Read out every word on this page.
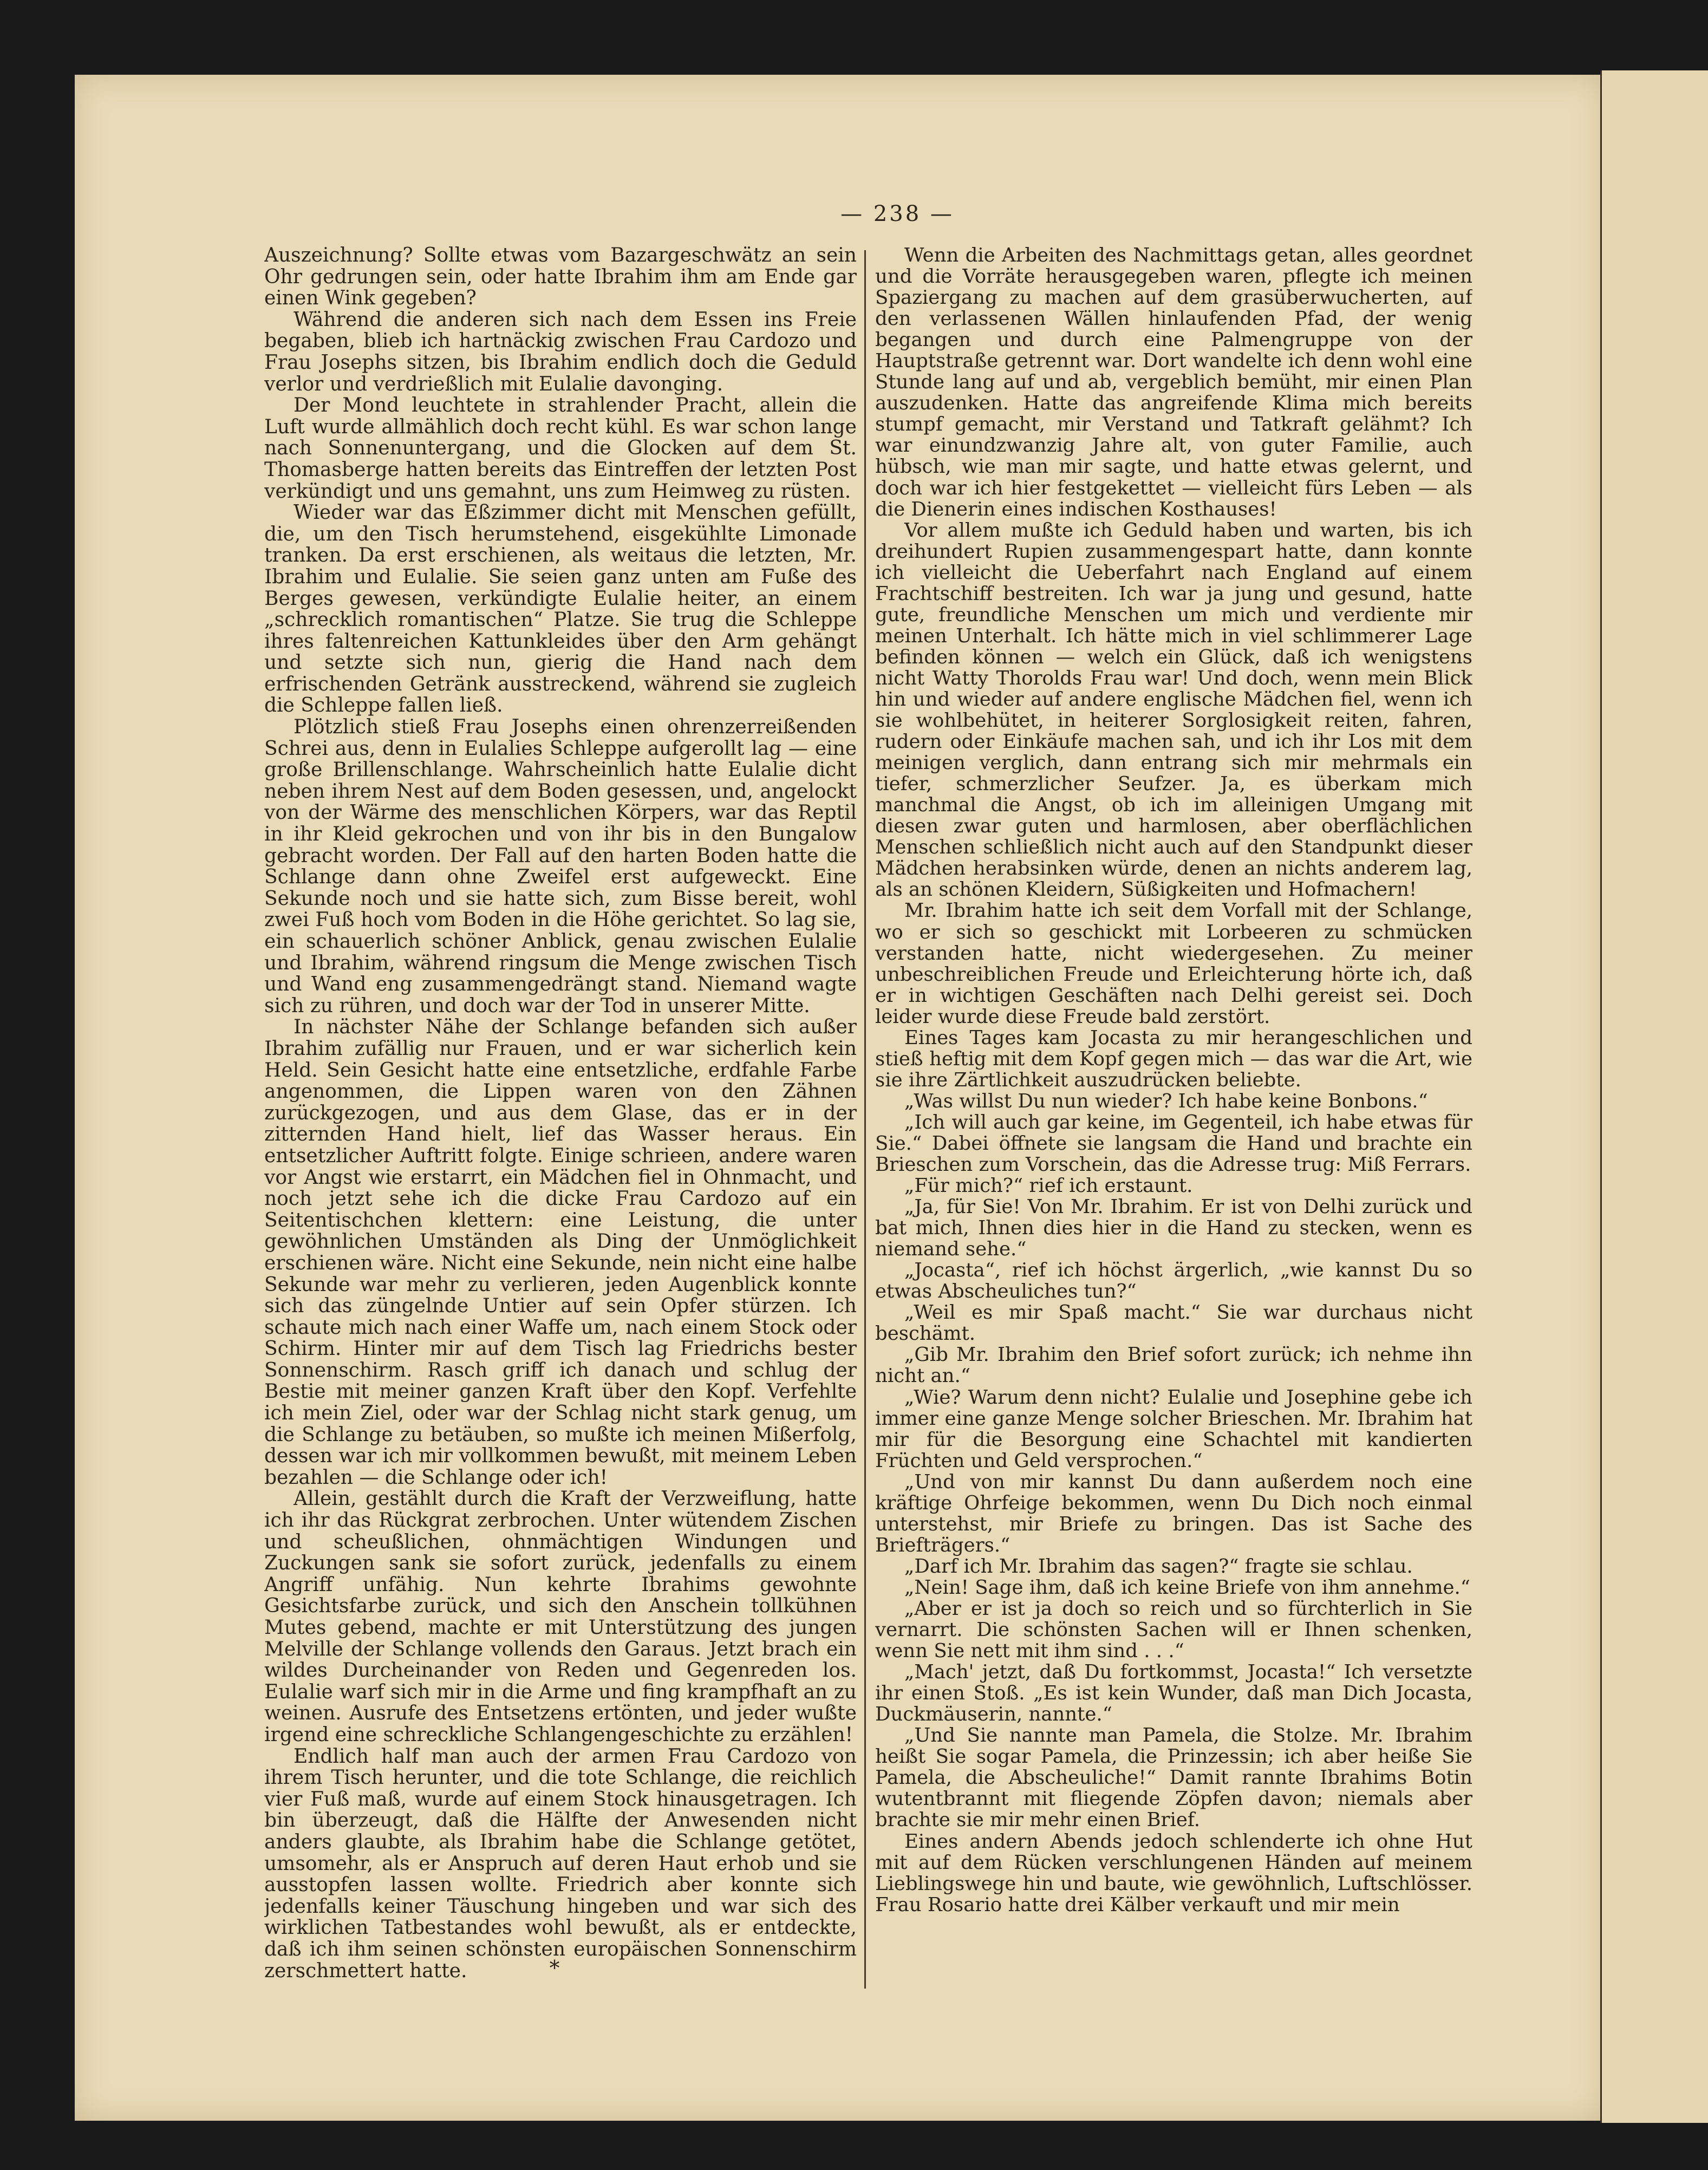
— 238 —

Auszeichnung? Sollte etwas vom Bazargeschwätz an sein Ohr gedrungen sein, oder hatte Ibrahim ihm am Ende gar einen Wink gegeben?

Während die anderen sich nach dem Essen ins Freie begaben, blieb ich hartnäckig zwischen Frau Cardozo und Frau Josephs sitzen, bis Ibrahim endlich doch die Geduld verlor und verdrießlich mit Eulalie davonging.

Der Mond leuchtete in strahlender Pracht, allein die Luft wurde allmählich doch recht kühl. Es war schon lange nach Sonnenuntergang, und die Glocken auf dem St. Thomasberge hatten bereits das Eintreffen der letzten Post verkündigt und uns gemahnt, uns zum Heimweg zu rüsten.

Wieder war das Eßzimmer dicht mit Menschen gefüllt, die, um den Tisch herumstehend, eisgekühlte Limonade tranken. Da erst erschienen, als weitaus die letzten, Mr. Ibrahim und Eulalie. Sie seien ganz unten am Fuße des Berges gewesen, verkündigte Eulalie heiter, an einem „schrecklich romantischen“ Platze. Sie trug die Schleppe ihres faltenreichen Kattunkleides über den Arm gehängt und setzte sich nun, gierig die Hand nach dem erfrischenden Getränk ausstreckend, während sie zugleich die Schleppe fallen ließ.

Plötzlich stieß Frau Josephs einen ohrenzerreißenden Schrei aus, denn in Eulalies Schleppe aufgerollt lag — eine große Brillenschlange. Wahrscheinlich hatte Eulalie dicht neben ihrem Nest auf dem Boden gesessen, und, angelockt von der Wärme des menschlichen Körpers, war das Reptil in ihr Kleid gekrochen und von ihr bis in den Bungalow gebracht worden. Der Fall auf den harten Boden hatte die Schlange dann ohne Zweifel erst aufgeweckt. Eine Sekunde noch und sie hatte sich, zum Bisse bereit, wohl zwei Fuß hoch vom Boden in die Höhe gerichtet. So lag sie, ein schauerlich schöner Anblick, genau zwischen Eulalie und Ibrahim, während ringsum die Menge zwischen Tisch und Wand eng zusammengedrängt stand. Niemand wagte sich zu rühren, und doch war der Tod in unserer Mitte.

In nächster Nähe der Schlange befanden sich außer Ibrahim zufällig nur Frauen, und er war sicherlich kein Held. Sein Gesicht hatte eine entsetzliche, erdfahle Farbe angenommen, die Lippen waren von den Zähnen zurückgezogen, und aus dem Glase, das er in der zitternden Hand hielt, lief das Wasser heraus. Ein entsetzlicher Auftritt folgte. Einige schrieen, andere waren vor Angst wie erstarrt, ein Mädchen fiel in Ohnmacht, und noch jetzt sehe ich die dicke Frau Cardozo auf ein Seitentischchen klettern: eine Leistung, die unter gewöhnlichen Umständen als Ding der Unmöglichkeit erschienen wäre. Nicht eine Sekunde, nein nicht eine halbe Sekunde war mehr zu verlieren, jeden Augenblick konnte sich das züngelnde Untier auf sein Opfer stürzen. Ich schaute mich nach einer Waffe um, nach einem Stock oder Schirm. Hinter mir auf dem Tisch lag Friedrichs bester Sonnenschirm. Rasch griff ich danach und schlug der Bestie mit meiner ganzen Kraft über den Kopf. Verfehlte ich mein Ziel, oder war der Schlag nicht stark genug, um die Schlange zu betäuben, so mußte ich meinen Mißerfolg, dessen war ich mir vollkommen bewußt, mit meinem Leben bezahlen — die Schlange oder ich!

Allein, gestählt durch die Kraft der Verzweiflung, hatte ich ihr das Rückgrat zerbrochen. Unter wütendem Zischen und scheußlichen, ohnmächtigen Windungen und Zuckungen sank sie sofort zurück, jedenfalls zu einem Angriff unfähig. Nun kehrte Ibrahims gewohnte Gesichtsfarbe zurück, und sich den Anschein tollkühnen Mutes gebend, machte er mit Unterstützung des jungen Melville der Schlange vollends den Garaus. Jetzt brach ein wildes Durcheinander von Reden und Gegenreden los. Eulalie warf sich mir in die Arme und fing krampfhaft an zu weinen. Ausrufe des Entsetzens ertönten, und jeder wußte irgend eine schreckliche Schlangengeschichte zu erzählen!

Endlich half man auch der armen Frau Cardozo von ihrem Tisch herunter, und die tote Schlange, die reichlich vier Fuß maß, wurde auf einem Stock hinausgetragen. Ich bin überzeugt, daß die Hälfte der Anwesenden nicht anders glaubte, als Ibrahim habe die Schlange getötet, umsomehr, als er Anspruch auf deren Haut erhob und sie ausstopfen lassen wollte. Friedrich aber konnte sich jedenfalls keiner Täuschung hingeben und war sich des wirklichen Tatbestandes wohl bewußt, als er entdeckte, daß ich ihm seinen schönsten europäischen Sonnenschirm zerschmettert hatte.	*

Wenn die Arbeiten des Nachmittags getan, alles geordnet und die Vorräte herausgegeben waren, pflegte ich meinen Spaziergang zu machen auf dem grasüberwucherten, auf den verlassenen Wällen hinlaufenden Pfad, der wenig begangen und durch eine Palmengruppe von der Hauptstraße getrennt war. Dort wandelte ich denn wohl eine Stunde lang auf und ab, vergeblich bemüht, mir einen Plan auszudenken. Hatte das angreifende Klima mich bereits stumpf gemacht, mir Verstand und Tatkraft gelähmt? Ich war einundzwanzig Jahre alt, von guter Familie, auch hübsch, wie man mir sagte, und hatte etwas gelernt, und doch war ich hier festgekettet — vielleicht fürs Leben — als die Dienerin eines indischen Kosthauses!

Vor allem mußte ich Geduld haben und warten, bis ich dreihundert Rupien zusammengespart hatte, dann konnte ich vielleicht die Ueberfahrt nach England auf einem Frachtschiff bestreiten. Ich war ja jung und gesund, hatte gute, freundliche Menschen um mich und verdiente mir meinen Unterhalt. Ich hätte mich in viel schlimmerer Lage befinden können — welch ein Glück, daß ich wenigstens nicht Watty Thorolds Frau war! Und doch, wenn mein Blick hin und wieder auf andere englische Mädchen fiel, wenn ich sie wohlbehütet, in heiterer Sorglosigkeit reiten, fahren, rudern oder Einkäufe machen sah, und ich ihr Los mit dem meinigen verglich, dann entrang sich mir mehrmals ein tiefer, schmerzlicher Seufzer. Ja, es überkam mich manchmal die Angst, ob ich im alleinigen Umgang mit diesen zwar guten und harmlosen, aber oberflächlichen Menschen schließlich nicht auch auf den Standpunkt dieser Mädchen herabsinken würde, denen an nichts anderem lag, als an schönen Kleidern, Süßigkeiten und Hofmachern!

Mr. Ibrahim hatte ich seit dem Vorfall mit der Schlange, wo er sich so geschickt mit Lorbeeren zu schmücken verstanden hatte, nicht wiedergesehen. Zu meiner unbeschreiblichen Freude und Erleichterung hörte ich, daß er in wichtigen Geschäften nach Delhi gereist sei. Doch leider wurde diese Freude bald zerstört.

Eines Tages kam Jocasta zu mir herangeschlichen und stieß heftig mit dem Kopf gegen mich — das war die Art, wie sie ihre Zärtlichkeit auszudrücken beliebte.

„Was willst Du nun wieder? Ich habe keine Bonbons.“

„Ich will auch gar keine, im Gegenteil, ich habe etwas für Sie.“ Dabei öffnete sie langsam die Hand und brachte ein Brieschen zum Vorschein, das die Adresse trug: Miß Ferrars.

„Für mich?“ rief ich erstaunt.

„Ja, für Sie! Von Mr. Ibrahim. Er ist von Delhi zurück und bat mich, Ihnen dies hier in die Hand zu stecken, wenn es niemand sehe.“

„Jocasta“, rief ich höchst ärgerlich, „wie kannst Du so etwas Abscheuliches tun?“

„Weil es mir Spaß macht.“ Sie war durchaus nicht beschämt.

„Gib Mr. Ibrahim den Brief sofort zurück; ich nehme ihn nicht an.“

„Wie? Warum denn nicht? Eulalie und Josephine gebe ich immer eine ganze Menge solcher Brieschen. Mr. Ibrahim hat mir für die Besorgung eine Schachtel mit kandierten Früchten und Geld versprochen.“

„Und von mir kannst Du dann außerdem noch eine kräftige Ohrfeige bekommen, wenn Du Dich noch einmal unterstehst, mir Briefe zu bringen. Das ist Sache des Briefträgers.“

„Darf ich Mr. Ibrahim das sagen?“ fragte sie schlau.

„Nein! Sage ihm, daß ich keine Briefe von ihm annehme.“

„Aber er ist ja doch so reich und so fürchterlich in Sie vernarrt. Die schönsten Sachen will er Ihnen schenken, wenn Sie nett mit ihm sind . . .“

„Mach' jetzt, daß Du fortkommst, Jocasta!“ Ich versetzte ihr einen Stoß. „Es ist kein Wunder, daß man Dich Jocasta, Duckmäuserin, nannte.“

„Und Sie nannte man Pamela, die Stolze. Mr. Ibrahim heißt Sie sogar Pamela, die Prinzessin; ich aber heiße Sie Pamela, die Abscheuliche!“ Damit rannte Ibrahims Botin wutentbrannt mit fliegende Zöpfen davon; niemals aber brachte sie mir mehr einen Brief.

Eines andern Abends jedoch schlenderte ich ohne Hut mit auf dem Rücken verschlungenen Händen auf meinem Lieblingswege hin und baute, wie gewöhnlich, Luftschlösser. Frau Rosario hatte drei Kälber verkauft und mir mein
